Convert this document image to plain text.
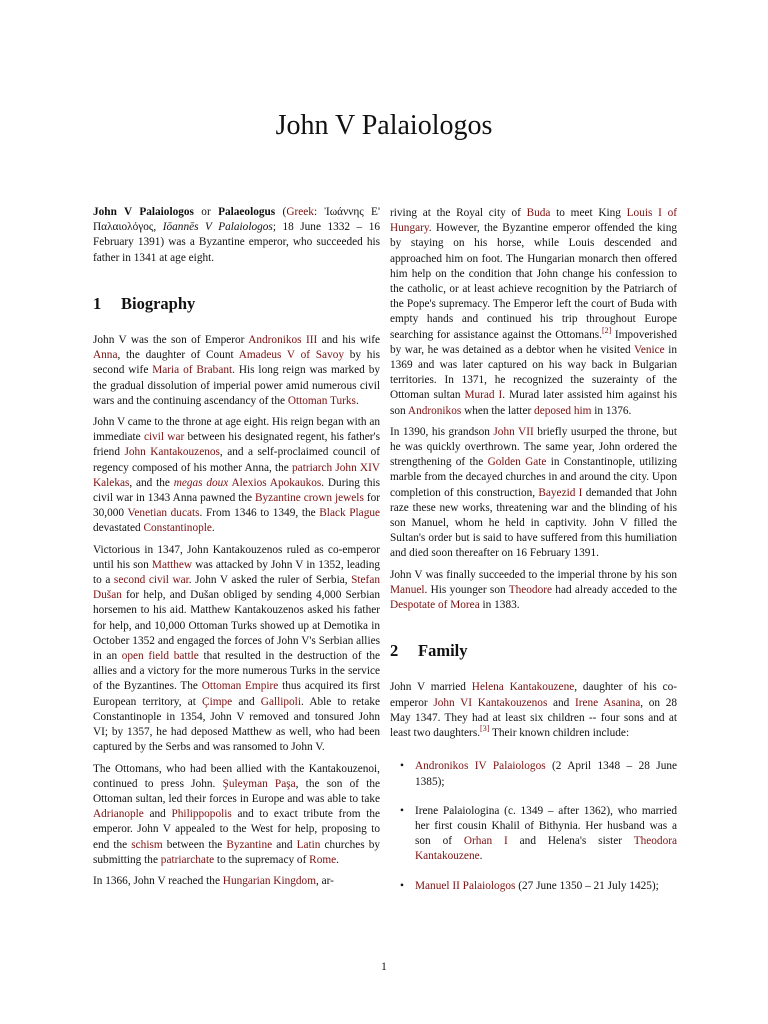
John V Palaiologos

John V Palaiologos or Palaeologus (Greek: Ἰωάννης Ε' Παλαιολόγος, Iōannēs V Palaiologos; 18 June 1332 – 16 February 1391) was a Byzantine emperor, who succeeded his father in 1341 at age eight.

1 Biography

John V was the son of Emperor Andronikos III and his wife Anna, the daughter of Count Amadeus V of Savoy by his second wife Maria of Brabant. His long reign was marked by the gradual dissolution of imperial power amid numerous civil wars and the continuing ascendancy of the Ottoman Turks.

John V came to the throne at age eight. His reign began with an immediate civil war between his designated regent, his father's friend John Kantakouzenos, and a self-proclaimed council of regency composed of his mother Anna, the patriarch John XIV Kalekas, and the megas doux Alexios Apokaukos. During this civil war in 1343 Anna pawned the Byzantine crown jewels for 30,000 Venetian ducats. From 1346 to 1349, the Black Plague devastated Constantinople.

Victorious in 1347, John Kantakouzenos ruled as co-emperor until his son Matthew was attacked by John V in 1352, leading to a second civil war. John V asked the ruler of Serbia, Stefan Dušan for help, and Dušan obliged by sending 4,000 Serbian horsemen to his aid. Matthew Kantakouzenos asked his father for help, and 10,000 Ottoman Turks showed up at Demotika in October 1352 and engaged the forces of John V's Serbian allies in an open field battle that resulted in the destruction of the allies and a victory for the more numerous Turks in the service of the Byzantines. The Ottoman Empire thus acquired its first European territory, at Çimpe and Gallipoli. Able to retake Constantinople in 1354, John V removed and tonsured John VI; by 1357, he had deposed Matthew as well, who had been captured by the Serbs and was ransomed to John V.

The Ottomans, who had been allied with the Kantakouzenoi, continued to press John. Şuleyman Paşa, the son of the Ottoman sultan, led their forces in Europe and was able to take Adrianople and Philippopolis and to exact tribute from the emperor. John V appealed to the West for help, proposing to end the schism between the Byzantine and Latin churches by submitting the patriarchate to the supremacy of Rome.

In 1366, John V reached the Hungarian Kingdom, ar-

riving at the Royal city of Buda to meet King Louis I of Hungary. However, the Byzantine emperor offended the king by staying on his horse, while Louis descended and approached him on foot. The Hungarian monarch then offered him help on the condition that John change his confession to the catholic, or at least achieve recognition by the Patriarch of the Pope's supremacy. The Emperor left the court of Buda with empty hands and continued his trip throughout Europe searching for assistance against the Ottomans.[2] Impoverished by war, he was detained as a debtor when he visited Venice in 1369 and was later captured on his way back in Bulgarian territories. In 1371, he recognized the suzerainty of the Ottoman sultan Murad I. Murad later assisted him against his son Andronikos when the latter deposed him in 1376.

In 1390, his grandson John VII briefly usurped the throne, but he was quickly overthrown. The same year, John ordered the strengthening of the Golden Gate in Constantinople, utilizing marble from the decayed churches in and around the city. Upon completion of this construction, Bayezid I demanded that John raze these new works, threatening war and the blinding of his son Manuel, whom he held in captivity. John V filled the Sultan's order but is said to have suffered from this humiliation and died soon thereafter on 16 February 1391.

John V was finally succeeded to the imperial throne by his son Manuel. His younger son Theodore had already acceded to the Despotate of Morea in 1383.

2 Family

John V married Helena Kantakouzene, daughter of his co-emperor John VI Kantakouzenos and Irene Asanina, on 28 May 1347. They had at least six children -- four sons and at least two daughters.[3] Their known children include:

• Andronikos IV Palaiologos (2 April 1348 – 28 June 1385);
• Irene Palaiologina (c. 1349 – after 1362), who married her first cousin Khalil of Bithynia. Her husband was a son of Orhan I and Helena's sister Theodora Kantakouzene.
• Manuel II Palaiologos (27 June 1350 – 21 July 1425);
1
